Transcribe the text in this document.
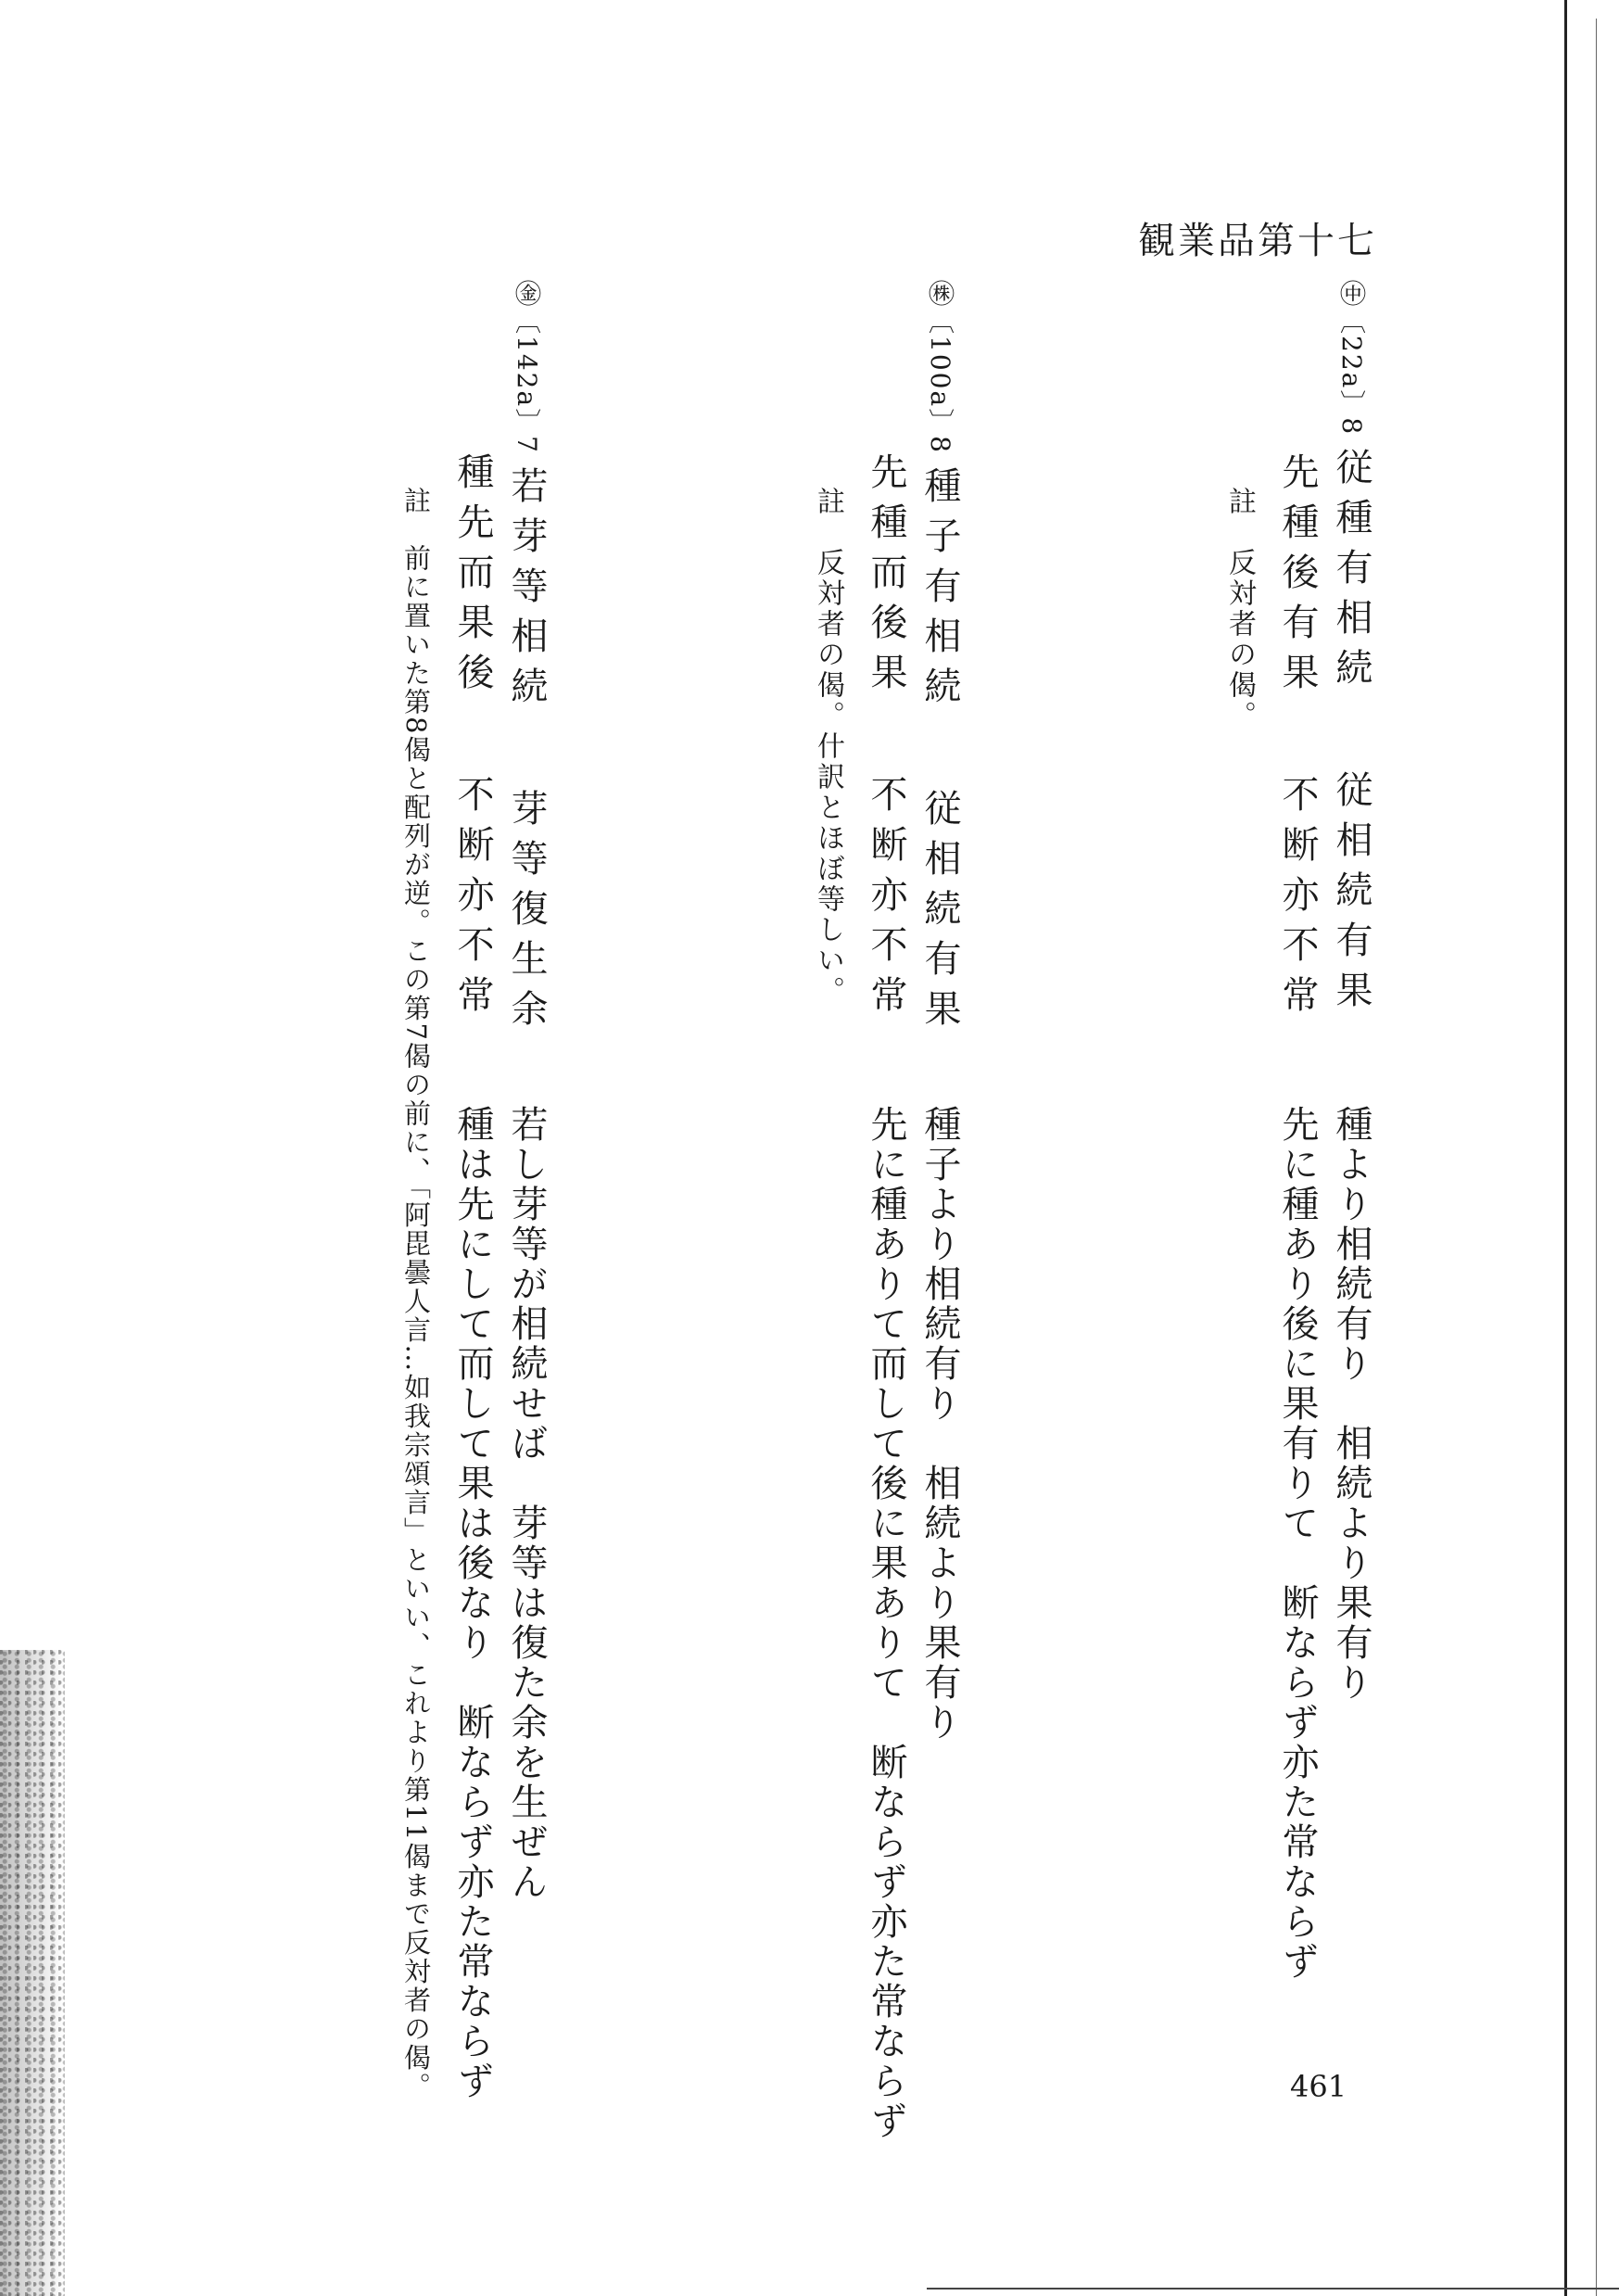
観業品第十七
㊥〔22a〕8 従種有相続従相続有果
先種後有果不断亦不常
註　反対者の偈。
種より相続有り　相続より果有り
先に種あり後に果有りて　断ならず亦た常ならず
㊑〔100a〕8 種子有相続従相続有果
先種而後果不断亦不常
註　反対者の偈。什訳とほぼ等しい。
種子より相続有り　相続より果有り
先に種ありて而して後に果ありて　断ならず亦た常ならず
㊎〔142a〕7 若芽等相続芽等復生余
種先而果後不断亦不常
若し芽等が相続せば　芽等は復た余を生ぜん
種は先にして而して果は後なり　断ならず亦た常ならず
註　前に置いた第8偈と配列が逆。この第7偈の前に、「阿毘曇人言…如我宗頌言」といい、これより第11偈まで反対者の偈。	461
